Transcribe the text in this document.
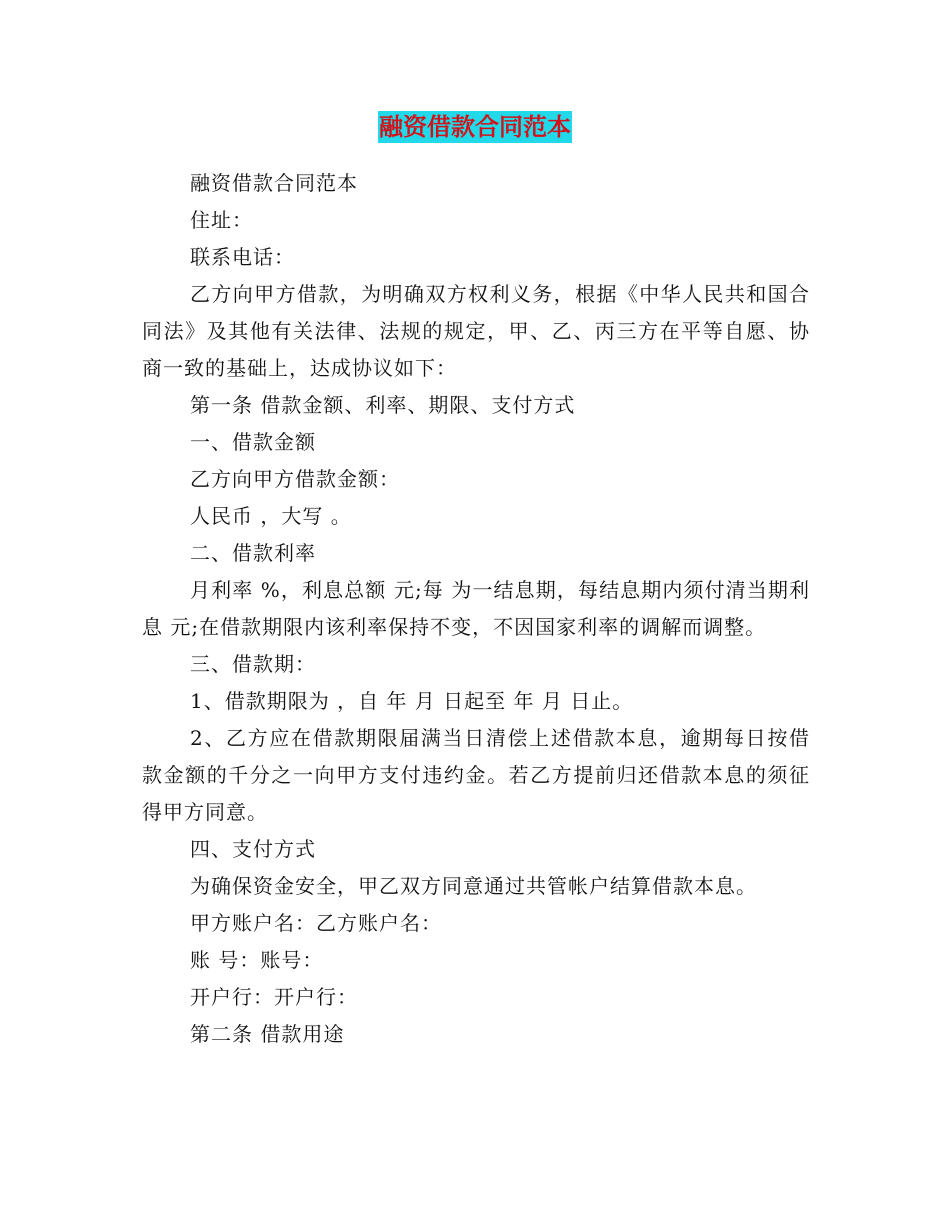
融资借款合同范本

融资借款合同范本

住址：

联系电话：

乙方向甲方借款，为明确双方权利义务，根据《中华人民共和国合同法》及其他有关法律、法规的规定，甲、乙、丙三方在平等自愿、协商一致的基础上，达成协议如下：

第一条 借款金额、利率、期限、支付方式

一、借款金额

乙方向甲方借款金额：

人民币 ，大写 。

二、借款利率

月利率 %，利息总额 元;每 为一结息期，每结息期内须付清当期利息 元;在借款期限内该利率保持不变，不因国家利率的调解而调整。

三、借款期：

1、借款期限为 ，自 年 月 日起至 年 月 日止。

2、乙方应在借款期限届满当日清偿上述借款本息，逾期每日按借款金额的千分之一向甲方支付违约金。若乙方提前归还借款本息的须征得甲方同意。

四、支付方式

为确保资金安全，甲乙双方同意通过共管帐户结算借款本息。

甲方账户名：乙方账户名：

账 号：账号：

开户行：开户行：

第二条 借款用途
